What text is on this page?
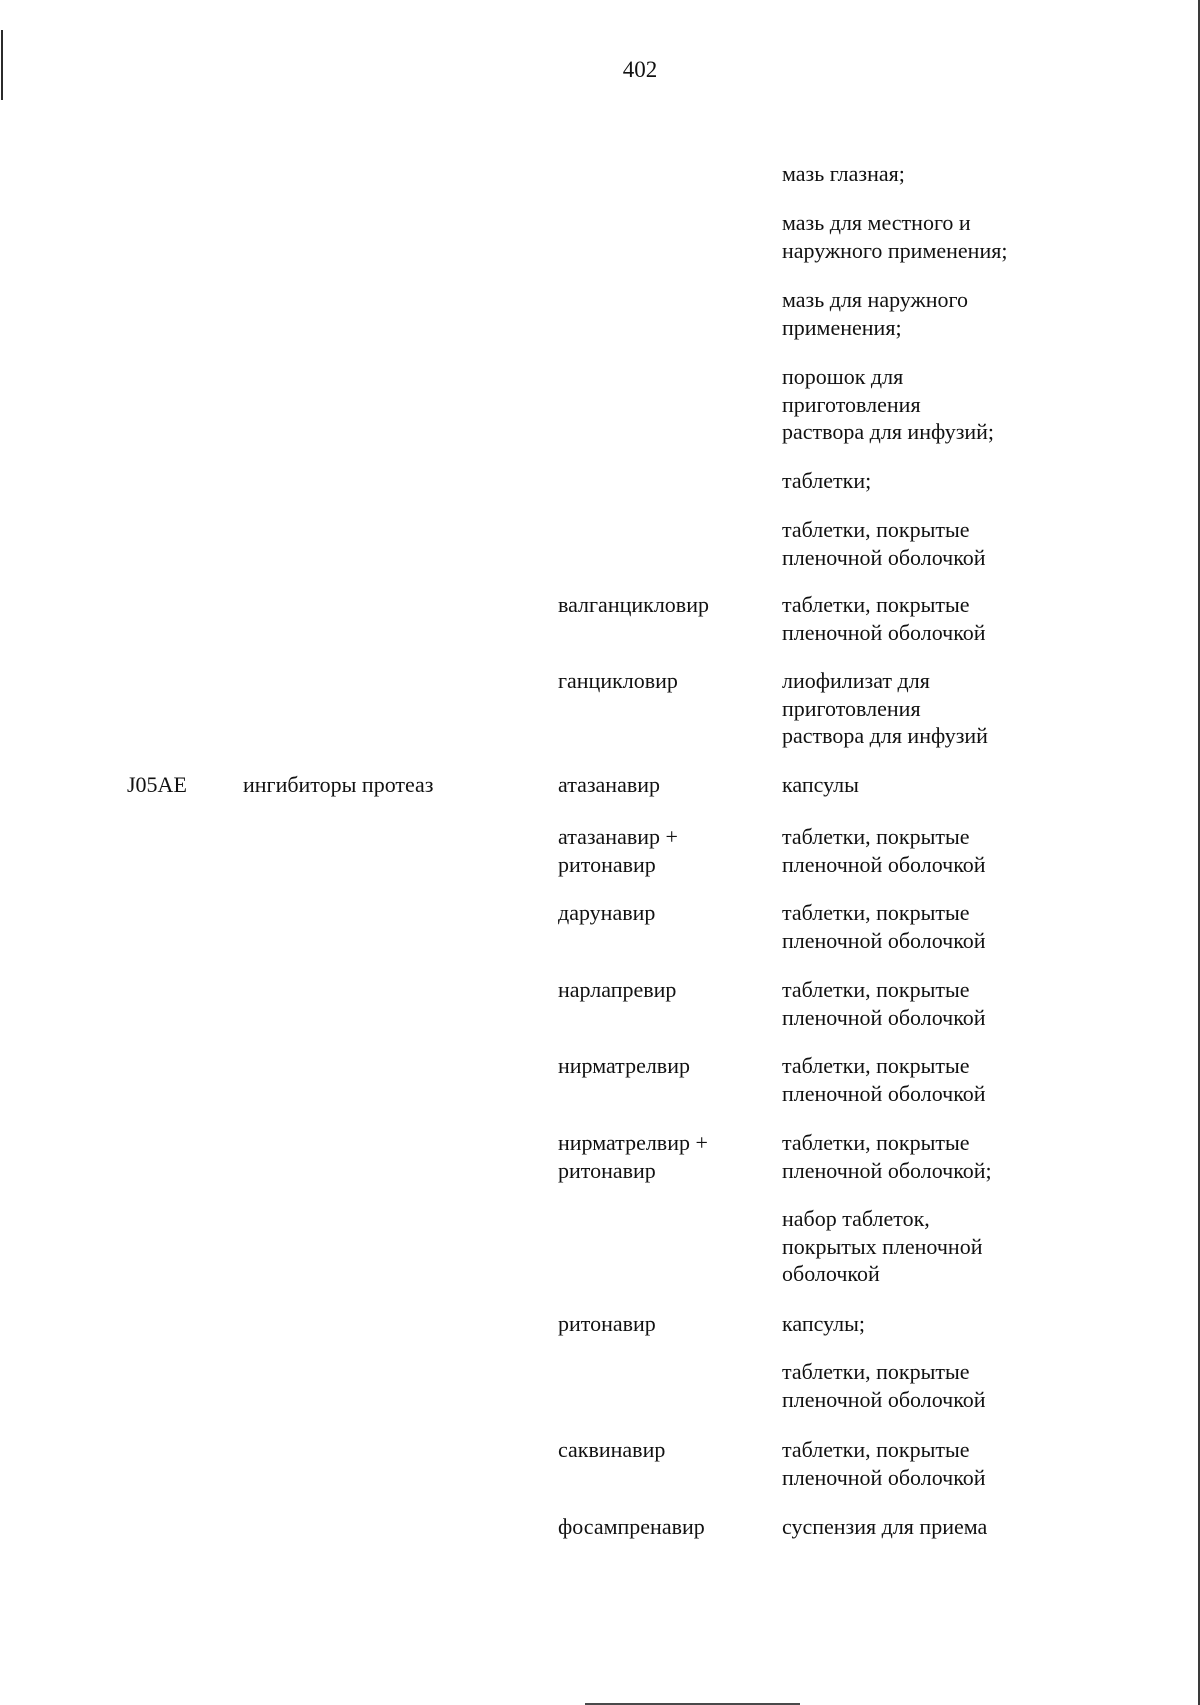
402
J05AE	ингибиторы протеаз
валганцикловир
ганцикловир
атазанавир
атазанавир +
ритонавир
дарунавир
нарлапревир
нирматрелвир
нирматрелвир +
ритонавир
ритонавир
саквинавир
фосампренавир
мазь глазная;
мазь для местного и
наружного применения;
мазь для наружного
применения;
порошок для
приготовления
раствора для инфузий;
таблетки;
таблетки, покрытые
пленочной оболочкой
таблетки, покрытые
пленочной оболочкой
лиофилизат для
приготовления
раствора для инфузий
капсулы
таблетки, покрытые
пленочной оболочкой
таблетки, покрытые
пленочной оболочкой
таблетки, покрытые
пленочной оболочкой
таблетки, покрытые
пленочной оболочкой
таблетки, покрытые
пленочной оболочкой;
набор таблеток,
покрытых пленочной
оболочкой
капсулы;
таблетки, покрытые
пленочной оболочкой
таблетки, покрытые
пленочной оболочкой
суспензия для приема
